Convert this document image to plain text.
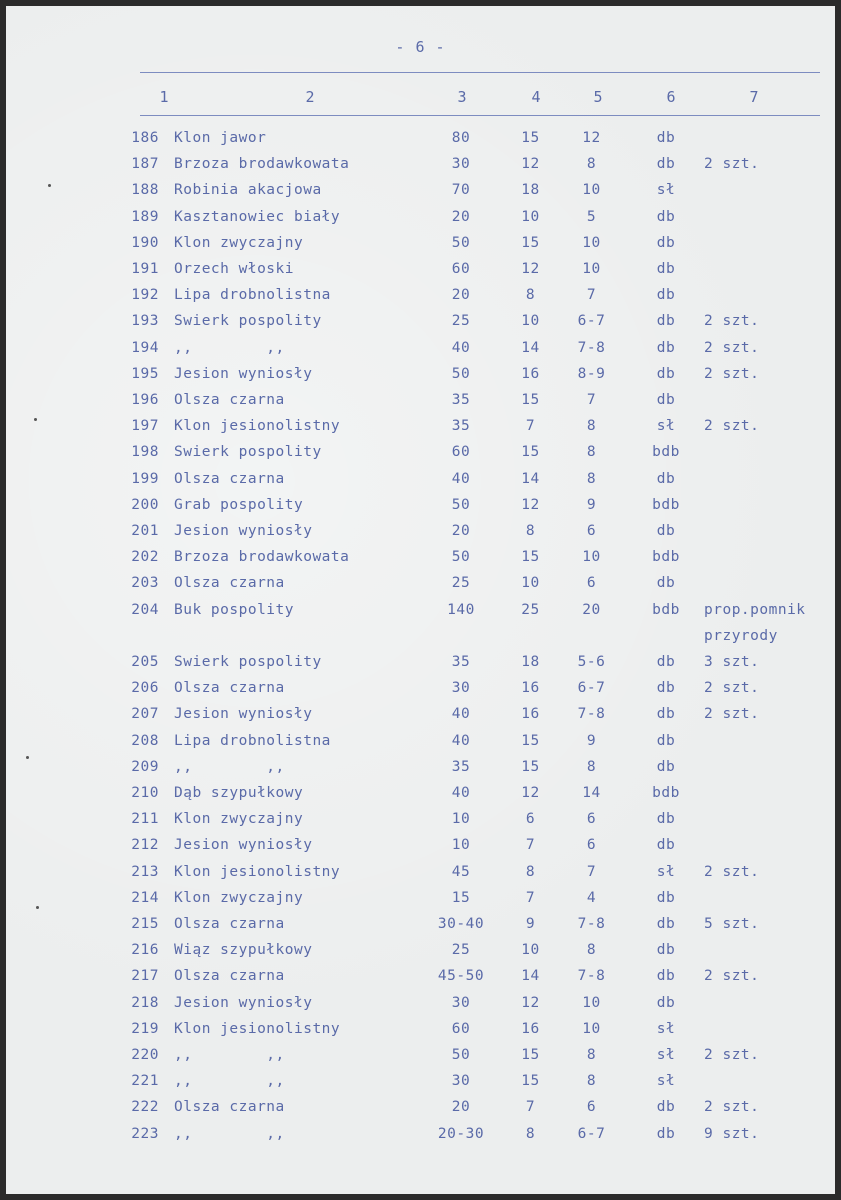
- 6 -
1	2	3	4	5	6	7
186 Klon jawor	80	15	12	db
187 Brzoza brodawkowata	30	12	8	db	2 szt.
188 Robinia akacjowa	70	18	10	sł
189 Kasztanowiec biały	20	10	5	db
190 Klon zwyczajny	50	15	10	db
191 Orzech włoski	60	12	10	db
192 Lipa drobnolistna	20	8	7	db
193 Swierk pospolity	25	10	6-7	db	2 szt.
194 ,,        ,,	40	14	7-8	db	2 szt.
195 Jesion wyniosły	50	16	8-9	db	2 szt.
196 Olsza czarna	35	15	7	db
197 Klon jesionolistny	35	7	8	sł	2 szt.
198 Swierk pospolity	60	15	8	bdb
199 Olsza czarna	40	14	8	db
200 Grab pospolity	50	12	9	bdb
201 Jesion wyniosły	20	8	6	db
202 Brzoza brodawkowata	50	15	10	bdb
203 Olsza czarna	25	10	6	db
204 Buk pospolity	140	25	20	bdb	prop.pomnik
przyrody
205 Swierk pospolity	35	18	5-6	db	3 szt.
206 Olsza czarna	30	16	6-7	db	2 szt.
207 Jesion wyniosły	40	16	7-8	db	2 szt.
208 Lipa drobnolistna	40	15	9	db
209 ,,        ,,	35	15	8	db
210 Dąb szypułkowy	40	12	14	bdb
211 Klon zwyczajny	10	6	6	db
212 Jesion wyniosły	10	7	6	db
213 Klon jesionolistny	45	8	7	sł	2 szt.
214 Klon zwyczajny	15	7	4	db
215 Olsza czarna	30-40	9	7-8	db	5 szt.
216 Wiąz szypułkowy	25	10	8	db
217 Olsza czarna	45-50	14	7-8	db	2 szt.
218 Jesion wyniosły	30	12	10	db
219 Klon jesionolistny	60	16	10	sł
220 ,,        ,,	50	15	8	sł	2 szt.
221 ,,        ,,	30	15	8	sł
222 Olsza czarna	20	7	6	db	2 szt.
223 ,,        ,,	20-30	8	6-7	db	9 szt.
